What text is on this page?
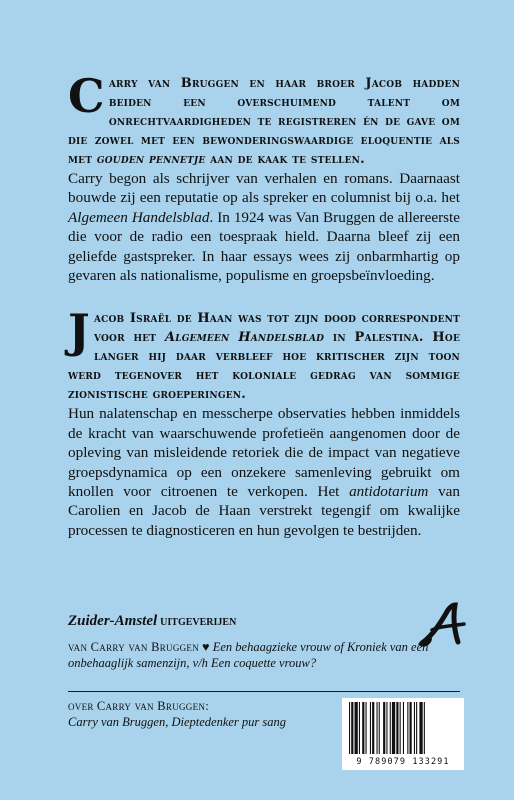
Carry van Bruggen en haar broer Jacob hadden beiden een overschuimend talent om onrechtvaardigheden te registreren én de gave om die zowel met een bewonderingswaardige eloquentie als met gouden pennetje aan de kaak te stellen.

Carry begon als schrijver van verhalen en romans. Daarnaast bouwde zij een reputatie op als spreker en columnist bij o.a. het Algemeen Handelsblad. In 1924 was Van Bruggen de allereerste die voor de radio een toespraak hield. Daarna bleef zij een geliefde gastspreker. In haar essays wees zij onbarmhartig op gevaren als nationalisme, populisme en groepsbeïnvloeding.

Jacob Israël de Haan was tot zijn dood correspondent voor het Algemeen Handelsblad in Palestina. Hoe langer hij daar verbleef hoe kritischer zijn toon werd tegenover het koloniale gedrag van sommige zionistische groeperingen.

Hun nalatenschap en messcherpe observaties hebben inmiddels de kracht van waarschuwende profetieën aangenomen door de opleving van misleidende retoriek die de impact van negatieve groepsdynamica op een onzekere samenleving gebruikt om knollen voor citroenen te verkopen. Het antidotarium van Carolien en Jacob de Haan verstrekt tegengif om kwalijke processen te diagnosticeren en hun gevolgen te bestrijden.

Zuider-Amstel uitgeverijen
van Carry van Bruggen ♥ Een behaagzieke vrouw of Kroniek van een onbehaaglijk samenzijn, v/h Een coquette vrouw?
over Carry van Bruggen:
Carry van Bruggen, Dieptedenker pur sang
9 789079 133291
